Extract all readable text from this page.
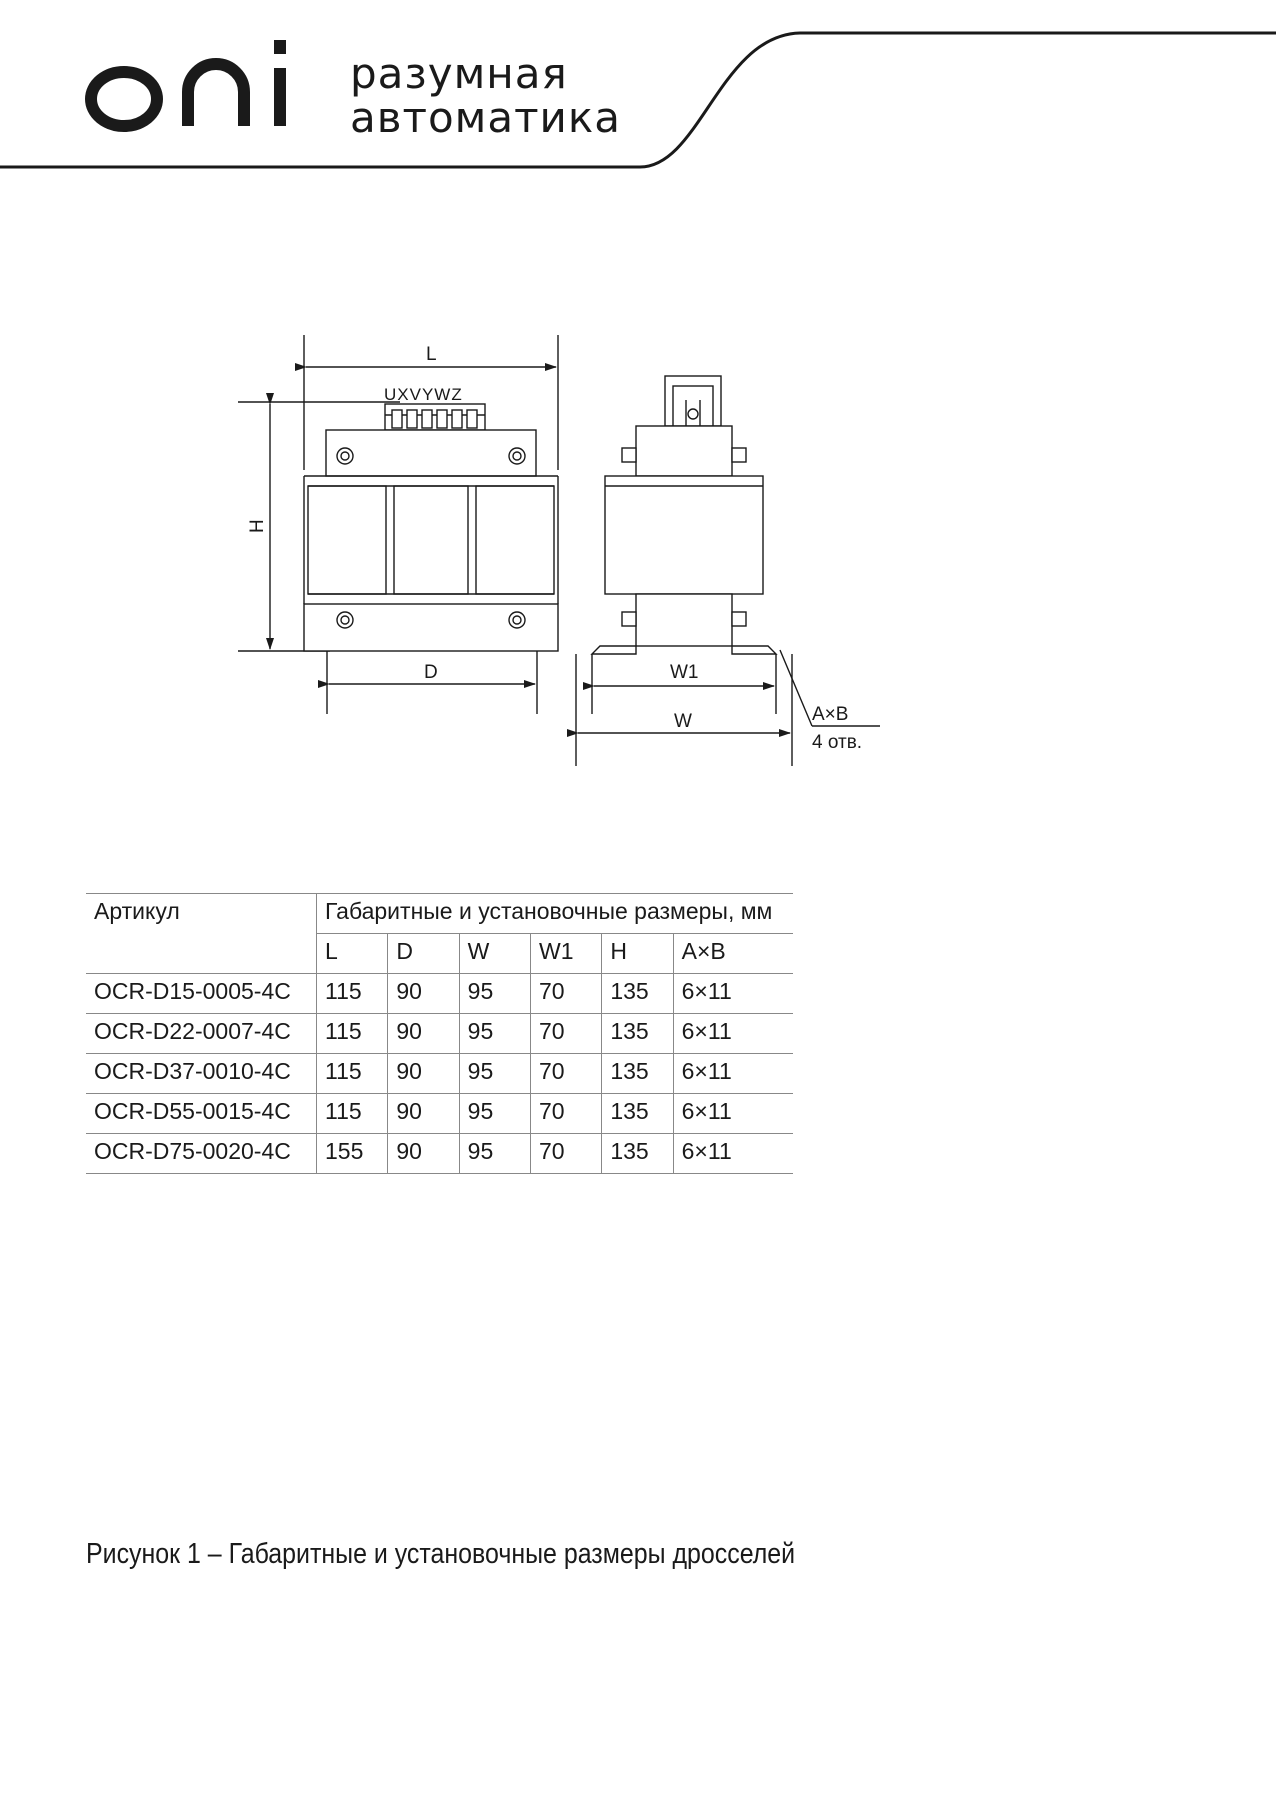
разумная
автоматика
L
UXVYWZ
H
D	W1
W	A×B
4 отв.
Артикул	Габаритные и установочные размеры, мм					
	L	D	W	W1	H	A×B
OCR-D15-0005-4C	115	90	95	70	135	6×11
OCR-D22-0007-4C	115	90	95	70	135	6×11
OCR-D37-0010-4C	115	90	95	70	135	6×11
OCR-D55-0015-4C	115	90	95	70	135	6×11
OCR-D75-0020-4C	155	90	95	70	135	6×11
Рисунок 1 – Габаритные и установочные размеры дросселей
